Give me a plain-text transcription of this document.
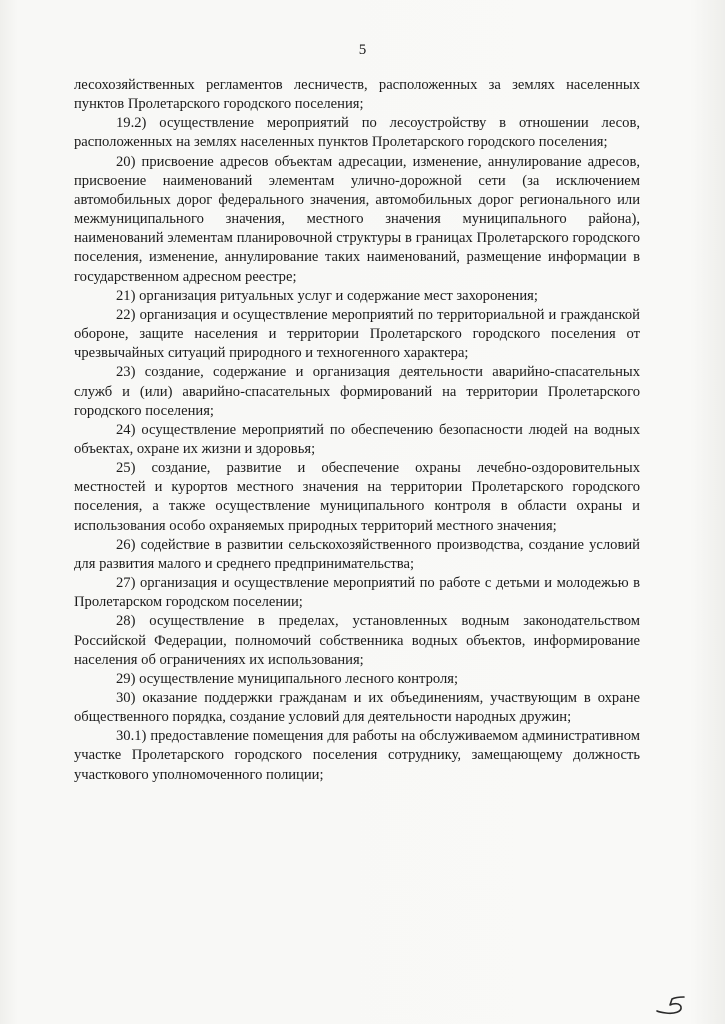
5

лесохозяйственных регламентов лесничеств, расположенных за землях населенных пунктов Пролетарского городского поселения;

19.2) осуществление мероприятий по лесоустройству в отношении лесов, расположенных на землях населенных пунктов Пролетарского городского поселения;

20) присвоение адресов объектам адресации, изменение, аннулирование адресов, присвоение наименований элементам улично-дорожной сети (за исключением автомобильных дорог федерального значения, автомобильных дорог регионального или межмуниципального значения, местного значения муниципального района), наименований элементам планировочной структуры в границах Пролетарского городского поселения, изменение, аннулирование таких наименований, размещение информации в государственном адресном реестре;

21) организация ритуальных услуг и содержание мест захоронения;

22) организация и осуществление мероприятий по территориальной и гражданской обороне, защите населения и территории Пролетарского городского поселения от чрезвычайных ситуаций природного и техногенного характера;

23) создание, содержание и организация деятельности аварийно-спасательных служб и (или) аварийно-спасательных формирований на территории Пролетарского городского поселения;

24) осуществление мероприятий по обеспечению безопасности людей на водных объектах, охране их жизни и здоровья;

25) создание, развитие и обеспечение охраны лечебно-оздоровительных местностей и курортов местного значения на территории Пролетарского городского поселения, а также осуществление муниципального контроля в области охраны и использования особо охраняемых природных территорий местного значения;

26) содействие в развитии сельскохозяйственного производства, создание условий для развития малого и среднего предпринимательства;

27) организация и осуществление мероприятий по работе с детьми и молодежью в Пролетарском городском поселении;

28) осуществление в пределах, установленных водным законодательством Российской Федерации, полномочий собственника водных объектов, информирование населения об ограничениях их использования;

29) осуществление муниципального лесного контроля;

30) оказание поддержки гражданам и их объединениям, участвующим в охране общественного порядка, создание условий для деятельности народных дружин;

30.1) предоставление помещения для работы на обслуживаемом административном участке Пролетарского городского поселения сотруднику, замещающему должность участкового уполномоченного полиции;
